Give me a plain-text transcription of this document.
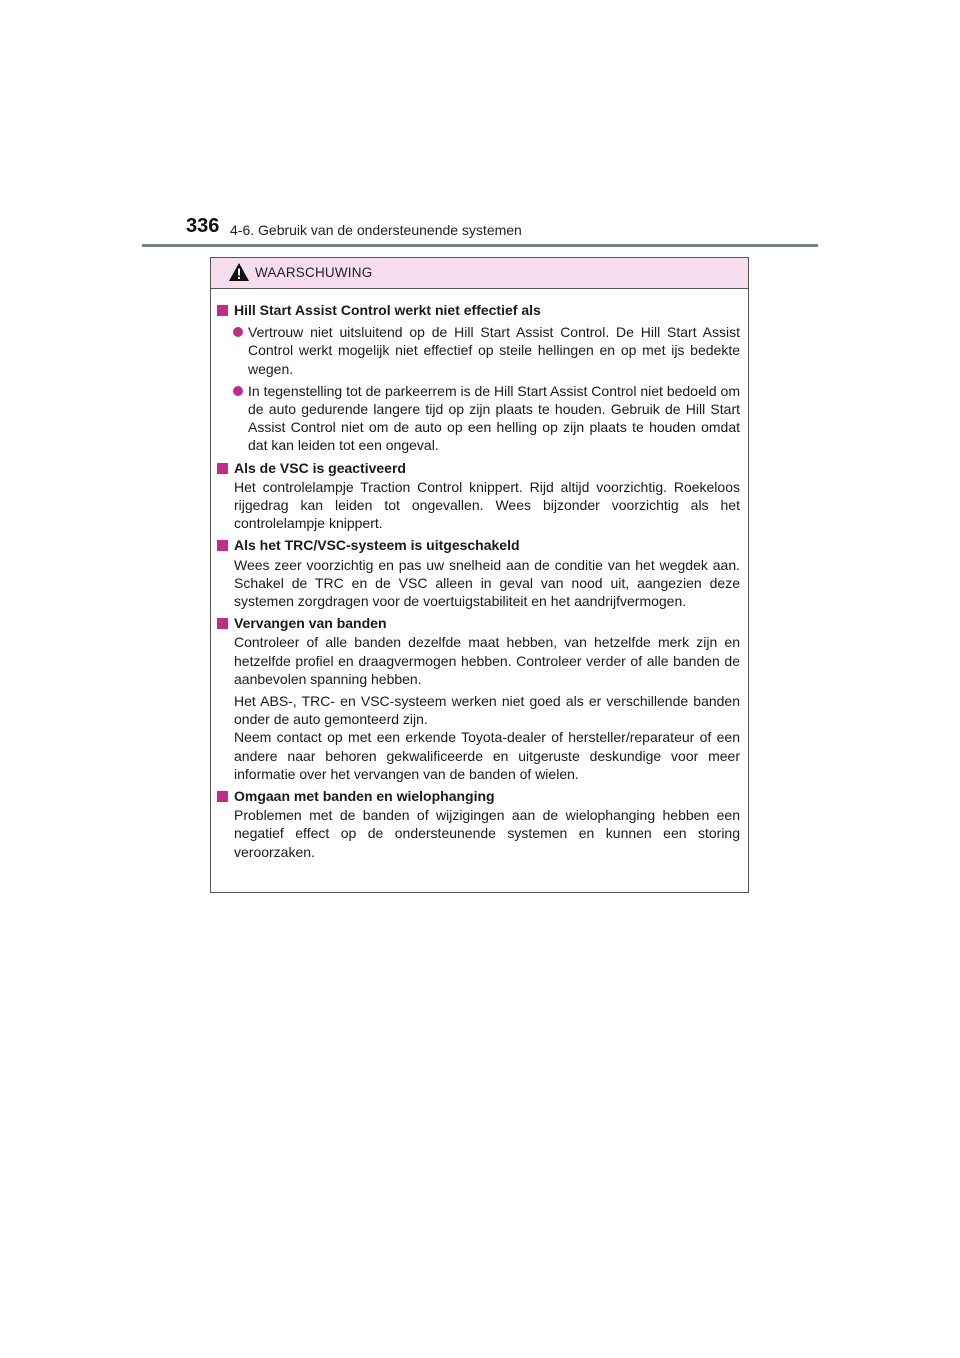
336 4-6. Gebruik van de ondersteunende systemen
WAARSCHUWING
Hill Start Assist Control werkt niet effectief als
Vertrouw niet uitsluitend op de Hill Start Assist Control. De Hill Start Assist Control werkt mogelijk niet effectief op steile hellingen en op met ijs bedekte wegen.
In tegenstelling tot de parkeerrem is de Hill Start Assist Control niet bedoeld om de auto gedurende langere tijd op zijn plaats te houden. Gebruik de Hill Start Assist Control niet om de auto op een helling op zijn plaats te houden omdat dat kan leiden tot een ongeval.
Als de VSC is geactiveerd
Het controlelampje Traction Control knippert. Rijd altijd voorzichtig. Roekeloos rijgedrag kan leiden tot ongevallen. Wees bijzonder voorzichtig als het controlelampje knippert.
Als het TRC/VSC-systeem is uitgeschakeld
Wees zeer voorzichtig en pas uw snelheid aan de conditie van het wegdek aan. Schakel de TRC en de VSC alleen in geval van nood uit, aangezien deze systemen zorgdragen voor de voertuigstabiliteit en het aandrijfvermogen.
Vervangen van banden
Controleer of alle banden dezelfde maat hebben, van hetzelfde merk zijn en hetzelfde profiel en draagvermogen hebben. Controleer verder of alle banden de aanbevolen spanning hebben.
Het ABS-, TRC- en VSC-systeem werken niet goed als er verschillende banden onder de auto gemonteerd zijn.
Neem contact op met een erkende Toyota-dealer of hersteller/reparateur of een andere naar behoren gekwalificeerde en uitgeruste deskundige voor meer informatie over het vervangen van de banden of wielen.
Omgaan met banden en wielophanging
Problemen met de banden of wijzigingen aan de wielophanging hebben een negatief effect op de ondersteunende systemen en kunnen een storing veroorzaken.
